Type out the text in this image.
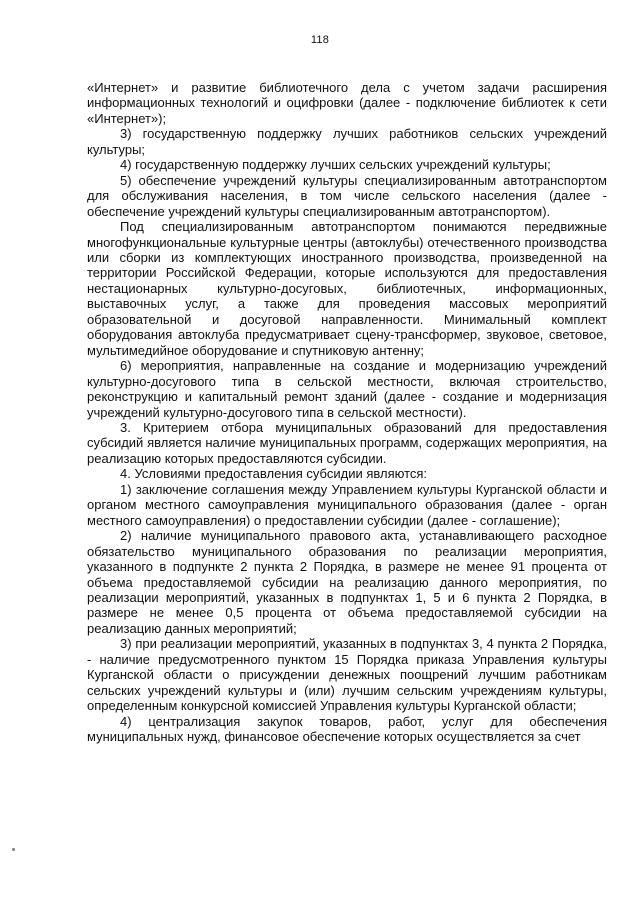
118

«Интернет» и развитие библиотечного дела с учетом задачи расширения информационных технологий и оцифровки (далее - подключение библиотек к сети «Интернет»);

3) государственную поддержку лучших работников сельских учреждений культуры;

4) государственную поддержку лучших сельских учреждений культуры;

5) обеспечение учреждений культуры специализированным автотранспортом для обслуживания населения, в том числе сельского населения (далее - обеспечение учреждений культуры специализированным автотранспортом).

Под специализированным автотранспортом понимаются передвижные многофункциональные культурные центры (автоклубы) отечественного производства или сборки из комплектующих иностранного производства, произведенной на территории Российской Федерации, которые используются для предоставления нестационарных культурно-досуговых, библиотечных, информационных, выставочных услуг, а также для проведения массовых мероприятий образовательной и досуговой направленности. Минимальный комплект оборудования автоклуба предусматривает сцену-трансформер, звуковое, световое, мультимедийное оборудование и спутниковую антенну;

6) мероприятия, направленные на создание и модернизацию учреждений культурно-досугового типа в сельской местности, включая строительство, реконструкцию и капитальный ремонт зданий (далее - создание и модернизация учреждений культурно-досугового типа в сельской местности).

3. Критерием отбора муниципальных образований для предоставления субсидий является наличие муниципальных программ, содержащих мероприятия, на реализацию которых предоставляются субсидии.

4. Условиями предоставления субсидии являются:

1) заключение соглашения между Управлением культуры Курганской области и органом местного самоуправления муниципального образования (далее - орган местного самоуправления) о предоставлении субсидии (далее - соглашение);

2) наличие муниципального правового акта, устанавливающего расходное обязательство муниципального образования по реализации мероприятия, указанного в подпункте 2 пункта 2 Порядка, в размере не менее 91 процента от объема предоставляемой субсидии на реализацию данного мероприятия, по реализации мероприятий, указанных в подпунктах 1, 5 и 6 пункта 2 Порядка, в размере не менее 0,5 процента от объема предоставляемой субсидии на реализацию данных мероприятий;

3) при реализации мероприятий, указанных в подпунктах 3, 4 пункта 2 Порядка, - наличие предусмотренного пунктом 15 Порядка приказа Управления культуры Курганской области о присуждении денежных поощрений лучшим работникам сельских учреждений культуры и (или) лучшим сельским учреждениям культуры, определенным конкурсной комиссией Управления культуры Курганской области;

4) централизация закупок товаров, работ, услуг для обеспечения муниципальных нужд, финансовое обеспечение которых осуществляется за счет
